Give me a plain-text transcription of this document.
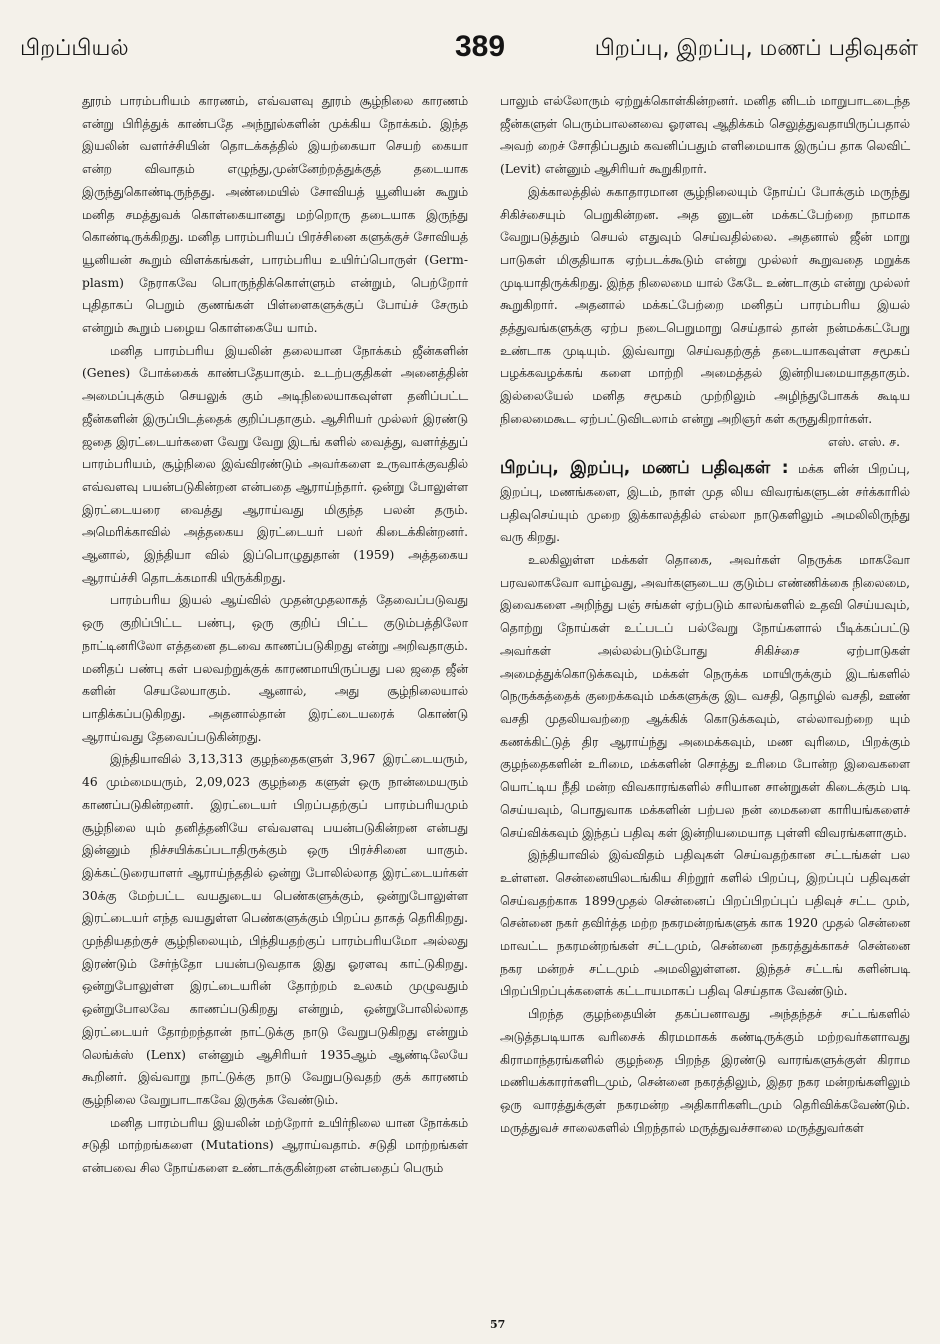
பிறப்பியல்	389	பிறப்பு, இறப்பு, மணப் பதிவுகள்

தூரம் பாரம்பரியம் காரணம், எவ்வளவு தூரம் சூழ்நிலை காரணம் என்று பிரித்துக் காண்பதே அந்நூல்களின் முக்கிய நோக்கம். இந்த இயலின் வளர்ச்சியின் தொடக்கத்தில் இயற்கையா செயற் கையா என்ற விவாதம் எழுந்து,முன்னேற்றத்துக்குத் தடையாக இருந்துகொண்டிருந்தது. அண்மையில் சோவியத் யூனியன் கூறும் மனித சமத்துவக் கொள்கையானது மற்றொரு தடையாக இருந்து கொண்டிருக்கிறது. மனித பாரம்பரியப் பிரச்சினை களுக்குச் சோவியத் யூனியன் கூறும் விளக்கங்கள், பாரம்பரிய உயிர்ப்பொருள் (Germ-plasm) நேராகவே பொருந்திக்கொள்ளும் என்றும், பெற்றோர் புதிதாகப் பெறும் குணங்கள் பிள்ளைகளுக்குப் போய்ச் சேரும் என்றும் கூறும் பழைய கொள்கையே யாம்.

மனித பாரம்பரிய இயலின் தலையான நோக்கம் ஜீன்களின் (Genes) போக்கைக் காண்பதேயாகும். உடற்பகுதிகள் அனைத்தின் அமைப்புக்கும் செயலுக் கும் அடிநிலையாகவுள்ள தனிப்பட்ட ஜீன்களின் இருப்பிடத்தைக் குறிப்பதாகும். ஆசிரியர் முல்லர் இரண்டு ஜதை இரட்டையர்களை வேறு வேறு இடங் களில் வைத்து, வளர்த்துப் பாரம்பரியம், சூழ்நிலை இவ்விரண்டும் அவர்களை உருவாக்குவதில் எவ்வளவு பயன்படுகின்றன என்பதை ஆராய்ந்தார். ஒன்று போலுள்ள இரட்டையரை வைத்து ஆராய்வது மிகுந்த பலன் தரும். அமெரிக்காவில் அத்தகைய இரட்டையர் பலர் கிடைக்கின்றனர். ஆனால், இந்தியா வில் இப்பொழுதுதான் (1959) அத்தகைய ஆராய்ச்சி தொடக்கமாகி யிருக்கிறது.

பாரம்பரிய இயல் ஆய்வில் முதன்முதலாகத் தேவைப்படுவது ஒரு குறிப்பிட்ட பண்பு, ஒரு குறிப் பிட்ட குடும்பத்திலோ நாட்டினரிலோ எத்தனை தடவை காணப்படுகிறது என்று அறிவதாகும். மனிதப் பண்பு கள் பலவற்றுக்குக் காரணமாயிருப்பது பல ஜதை ஜீன் களின் செயலேயாகும். ஆனால், அது சூழ்நிலையால் பாதிக்கப்படுகிறது. அதனால்தான் இரட்டையரைக் கொண்டு ஆராய்வது தேவைப்படுகின்றது.

இந்தியாவில் 3,13,313 குழந்தைகளுள் 3,967 இரட்டையரும், 46 மும்மையரும், 2,09,023 குழந்தை களுள் ஒரு நான்மையரும் காணப்படுகின்றனர். இரட்டையர் பிறப்பதற்குப் பாரம்பரியமும் சூழ்நிலை யும் தனித்தனியே எவ்வளவு பயன்படுகின்றன என்பது இன்னும் நிச்சயிக்கப்படாதிருக்கும் ஒரு பிரச்சினை யாகும். இக்கட்டுரையாளர் ஆராய்ந்ததில் ஒன்று போலில்லாத இரட்டையர்கள் 30க்கு மேற்பட்ட வயதுடைய பெண்களுக்கும், ஒன்றுபோலுள்ள இரட்டையர் எந்த வயதுள்ள பெண்களுக்கும் பிறப்ப தாகத் தெரிகிறது. முந்தியதற்குச் சூழ்நிலையும், பிந்தியதற்குப் பாரம்பரியமோ அல்லது இரண்டும் சேர்ந்தோ பயன்படுவதாக இது ஓரளவு காட்டுகிறது. ஒன்றுபோலுள்ள இரட்டையரின் தோற்றம் உலகம் முழுவதும் ஒன்றுபோலவே காணப்படுகிறது என்றும், ஒன்றுபோலில்லாத இரட்டையர் தோற்றந்தான் நாட்டுக்கு நாடு வேறுபடுகிறது என்றும் லெங்க்ஸ் (Lenx) என்னும் ஆசிரியர் 1935ஆம் ஆண்டிலேயே கூறினர். இவ்வாறு நாட்டுக்கு நாடு வேறுபடுவதற் குக் காரணம் சூழ்நிலை வேறுபாடாகவே இருக்க வேண்டும்.

மனித பாரம்பரிய இயலின் மற்றோர் உயிர்நிலை யான நோக்கம் சடுதி மாற்றங்களை (Mutations) ஆராய்வதாம். சடுதி மாற்றங்கள் என்பவை சில நோய்களை உண்டாக்குகின்றன என்பதைப் பெரும்

பாலும் எல்லோரும் ஏற்றுக்கொள்கின்றனர். மனித னிடம் மாறுபாடடைந்த ஜீன்களுள் பெரும்பாலனவை ஓரளவு ஆதிக்கம் செலுத்துவதாயிருப்பதால் அவற் றைச் சோதிப்பதும் கவனிப்பதும் எளிமையாக இருப்ப தாக லெவிட் (Levit) என்னும் ஆசிரியர் கூறுகிறார்.

இக்காலத்தில் சுகாதாரமான சூழ்நிலையும் நோய்ப் போக்கும் மருந்து சிகிச்சையும் பெறுகின்றன. அத னுடன் மக்கட்பேற்றை நாமாக வேறுபடுத்தும் செயல் எதுவும் செய்வதில்லை. அதனால் ஜீன் மாறு பாடுகள் மிகுதியாக ஏற்படக்கூடும் என்று முல்லர் கூறுவதை மறுக்க முடியாதிருக்கிறது. இந்த நிலைமை யால் கேடே உண்டாகும் என்று முல்லர் கூறுகிறார். அதனால் மக்கட்பேற்றை மனிதப் பாரம்பரிய இயல் தத்துவங்களுக்கு ஏற்ப நடைபெறுமாறு செய்தால் தான் நன்மக்கட்பேறு உண்டாக முடியும். இவ்வாறு செய்வதற்குத் தடையாகவுள்ள சமூகப் பழக்கவழக்கங் களை மாற்றி அமைத்தல் இன்றியமையாததாகும். இல்லையேல் மனித சமூகம் முற்றிலும் அழிந்துபோகக் கூடிய நிலைமைகூட ஏற்பட்டுவிடலாம் என்று அறிஞர் கள் கருதுகிறார்கள்.

எஸ். எஸ். ச.

பிறப்பு, இறப்பு, மணப் பதிவுகள் : மக்க ளின் பிறப்பு, இறப்பு, மணங்களை, இடம், நாள் முத லிய விவரங்களுடன் சர்க்காரில் பதிவுசெய்யும் முறை இக்காலத்தில் எல்லா நாடுகளிலும் அமலிலிருந்து வரு கிறது.

உலகிலுள்ள மக்கள் தொகை, அவர்கள் நெருக்க மாகவோ பரவலாகவோ வாழ்வது, அவர்களுடைய குடும்ப எண்ணிக்கை நிலைமை, இவைகளை அறிந்து பஞ் சங்கள் ஏற்படும் காலங்களில் உதவி செய்யவும், தொற்று நோய்கள் உட்படப் பல்வேறு நோய்களால் பீடிக்கப்பட்டு அவர்கள் அல்லல்படும்போது சிகிச்சை ஏற்பாடுகள் அமைத்துக்கொடுக்கவும், மக்கள் நெருக்க மாயிருக்கும் இடங்களில் நெருக்கத்தைக் குறைக்கவும் மக்களுக்கு இட வசதி, தொழில் வசதி, ஊண் வசதி முதலியவற்றை ஆக்கிக் கொடுக்கவும், எல்லாவற்றை யும் கணக்கிட்டுத் திர ஆராய்ந்து அமைக்கவும், மண வுரிமை, பிறக்கும் குழந்தைகளின் உரிமை, மக்களின் சொத்து உரிமை போன்ற இவைகளை யொட்டிய நீதி மன்ற விவகாரங்களில் சரியான சான்றுகள் கிடைக்கும் படி செய்யவும், பொதுவாக மக்களின் பற்பல நன் மைகளை காரியங்களைச் செய்விக்கவும் இந்தப் பதிவு கள் இன்றியமையாத புள்ளி விவரங்களாகும்.

இந்தியாவில் இவ்விதம் பதிவுகள் செய்வதற்கான சட்டங்கள் பல உள்ளன. சென்னையிலடங்கிய சிற்றூர் களில் பிறப்பு, இறப்புப் பதிவுகள் செய்வதற்காக 1899முதல் சென்னைப் பிறப்பிறப்புப் பதிவுச் சட்ட மும், சென்னை நகர் தவிர்த்த மற்ற நகரமன்றங்களுக் காக 1920 முதல் சென்னை மாவட்ட நகரமன்றங்கள் சட்டமும், சென்னை நகரத்துக்காகச் சென்னை நகர மன்றச் சட்டமும் அமலிலுள்ளன. இந்தச் சட்டங் களின்படி பிறப்பிறப்புக்களைக் கட்டாயமாகப் பதிவு செய்தாக வேண்டும்.

பிறந்த குழந்தையின் தகப்பனாவது அந்தந்தச் சட்டங்களில் அடுத்தபடியாக வரிசைக் கிரமமாகக் கண்டிருக்கும் மற்றவர்களாவது கிராமாந்தரங்களில் குழந்தை பிறந்த இரண்டு வாரங்களுக்குள் கிராம மணியக்காரர்களிடமும், சென்னை நகரத்திலும், இதர நகர மன்றங்களிலும் ஒரு வாரத்துக்குள் நகரமன்ற அதிகாரிகளிடமும் தெரிவிக்கவேண்டும். மருத்துவச் சாலைகளில் பிறந்தால் மருத்துவச்சாலை மருத்துவர்கள்

57
